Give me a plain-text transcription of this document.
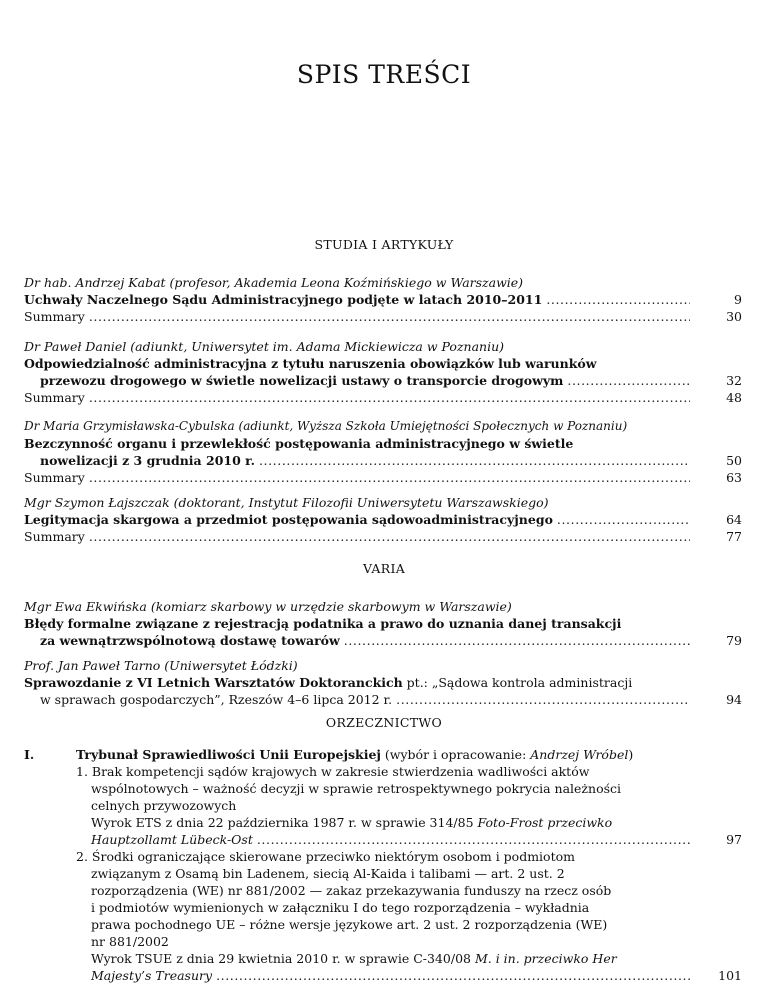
SPIS TREŚCI
STUDIA I ARTYKUŁY
Dr hab. Andrzej Kabat (profesor, Akademia Leona Koźmińskiego w Warszawie)
Uchwały Naczelnego Sądu Administracyjnego podjęte w latach 2010–2011 .....	9
Summary .....	30
Dr Paweł Daniel (adiunkt, Uniwersytet im. Adama Mickiewicza w Poznaniu)
Odpowiedzialność administracyjna z tytułu naruszenia obowiązków lub warunków
przewozu drogowego w świetle nowelizacji ustawy o transporcie drogowym .....	32
Summary .....	48
Dr Maria Grzymisławska-Cybulska (adiunkt, Wyższa Szkoła Umiejętności Społecznych w Poznaniu)
Bezczynność organu i przewlekłość postępowania administracyjnego w świetle
nowelizacji z 3 grudnia 2010 r. .....	50
Summary .....	63
Mgr Szymon Łajszczak (doktorant, Instytut Filozofii Uniwersytetu Warszawskiego)
Legitymacja skargowa a przedmiot postępowania sądowoadministracyjnego .....	64
Summary .....	77
VARIA
Mgr Ewa Ekwińska (komiarz skarbowy w urzędzie skarbowym w Warszawie)
Błędy formalne związane z rejestracją podatnika a prawo do uznania danej transakcji
za wewnątrzwspólnotową dostawę towarów .....	79
Prof. Jan Paweł Tarno (Uniwersytet Łódzki)
Sprawozdanie z VI Letnich Warsztatów Doktoranckich pt.: „Sądowa kontrola administracji
w sprawach gospodarczych”, Rzeszów 4–6 lipca 2012 r. .....	94
ORZECZNICTWO
I.	Trybunał Sprawiedliwości Unii Europejskiej (wybór i opracowanie: Andrzej Wróbel)
1. Brak kompetencji sądów krajowych w zakresie stwierdzenia wadliwości aktów
wspólnotowych – ważność decyzji w sprawie retrospektywnego pokrycia należności
celnych przywozowych
Wyrok ETS z dnia 22 października 1987 r. w sprawie 314/85 Foto-Frost przeciwko
Hauptzollamt Lübeck-Ost .....	97
2. Środki ograniczające skierowane przeciwko niektórym osobom i podmiotom
związanym z Osamą bin Ladenem, siecią Al-Kaida i talibami — art. 2 ust. 2
rozporządzenia (WE) nr 881/2002 — zakaz przekazywania funduszy na rzecz osób
i podmiotów wymienionych w załączniku I do tego rozporządzenia – wykładnia
prawa pochodnego UE – różne wersje językowe art. 2 ust. 2 rozporządzenia (WE)
nr 881/2002
Wyrok TSUE z dnia 29 kwietnia 2010 r. w sprawie C-340/08 M. i in. przeciwko Her
Majesty’s Treasury .....	101
